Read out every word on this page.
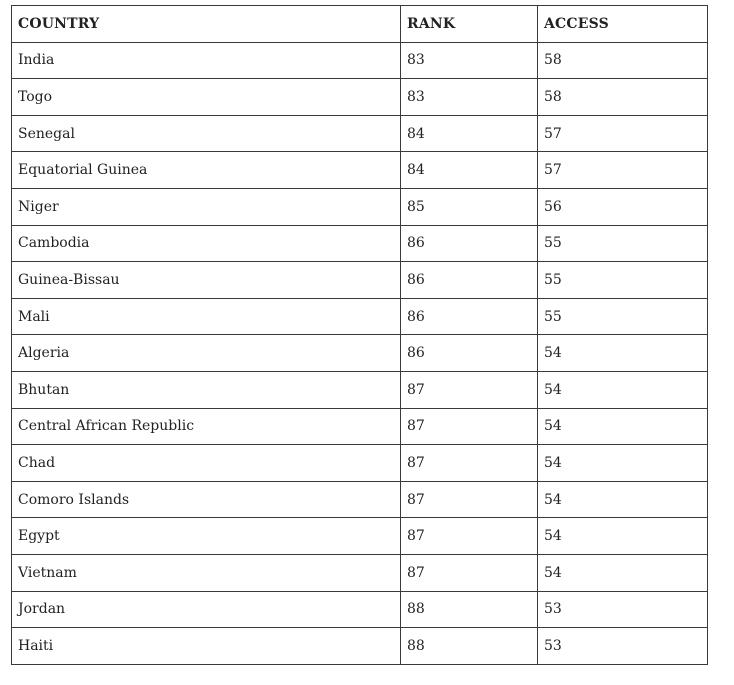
COUNTRY	RANK	ACCESS
India	83	58
Togo	83	58
Senegal	84	57
Equatorial Guinea	84	57
Niger	85	56
Cambodia	86	55
Guinea-Bissau	86	55
Mali	86	55
Algeria	86	54
Bhutan	87	54
Central African Republic	87	54
Chad	87	54
Comoro Islands	87	54
Egypt	87	54
Vietnam	87	54
Jordan	88	53
Haiti	88	53
